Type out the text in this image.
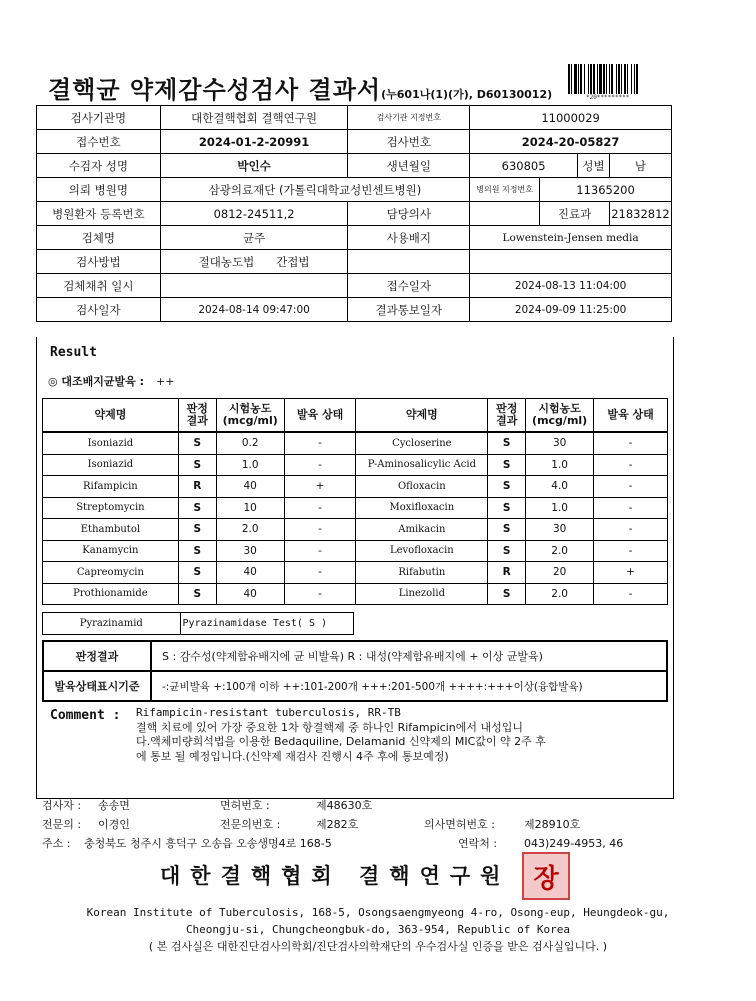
결핵균 약제감수성검사 결과서(누601나(1)(가), D60130012)	*20*********
검사기관명	대한결핵협회 결핵연구원	검사기관 지정번호	11000029			
접수번호	2024-01-2-20991	검사번호	2024-20-05827			
수검자 성명	박인수	생년월일	630805		성별	남
의뢰 병원명	삼광의료재단 (가톨릭대학교성빈센트병원)		병의원 지정번호	11365200		
병원환자 등록번호	0812-24511,2	담당의사		진료과		21832812
검체명	균주	사용배지	Lowenstein-Jensen media			
검사방법	절대농도법 간접법					
검체채취 일시		접수일자	2024-08-13 11:04:00			
검사일자	2024-08-14 09:47:00	결과통보일자	2024-09-09 11:25:00			
Result
◎ 대조배지균발육 : ++
약제명	판정 결과	시험농도 (mcg/ml)	발육 상태	약제명	판정 결과	시험농도 (mcg/ml)	발육 상태
Isoniazid	S	0.2	-	Cycloserine	S	30	-
Isoniazid	S	1.0	-	P-Aminosalicylic Acid	S	1.0	-
Rifampicin	R	40	+	Ofloxacin	S	4.0	-
Streptomycin	S	10	-	Moxifloxacin	S	1.0	-
Ethambutol	S	2.0	-	Amikacin	S	30	-
Kanamycin	S	30	-	Levofloxacin	S	2.0	-
Capreomycin	S	40	-	Rifabutin	R	20	+
Prothionamide	S	40	-	Linezolid	S	2.0	-
Pyrazinamid	Pyrazinamidase Test( S )
판정결과	S : 감수성(약제함유배지에 균 비발육) R : 내성(약제함유배지에 + 이상 균발육)
발육상태표시기준	-:균비발육 +:100개 이하 ++:101-200개 +++:201-500개 ++++:+++이상(융합발육)
Comment : Rifampicin-resistant tuberculosis, RR-TB
결핵 치료에 있어 가장 중요한 1차 항결핵제 중 하나인 Rifampicin에서 내성입니
다.액체미량희석법을 이용한 Bedaquiline, Delamanid 신약제의 MIC값이 약 2주 후
에 통보 될 예정입니다.(신약제 재검사 진행시 4주 후에 통보예정)
검사자 : 송송면	면허번호 :	제48630호
전문의 : 이경인	전문의번호 :	제282호	의사면허번호 :	제28910호
주소 : 충청북도 청주시 흥덕구 오송읍 오송생명4로 168-5	연락처 : 043)249-4953, 46
대한결핵협회 결핵연구원 장
Korean Institute of Tuberculosis, 168-5, Osongsaengmyeong 4-ro, Osong-eup, Heungdeok-gu,
Cheongju-si, Chungcheongbuk-do, 363-954, Republic of Korea
( 본 검사실은 대한진단검사의학회/진단검사의학재단의 우수검사실 인증을 받은 검사실입니다. )
